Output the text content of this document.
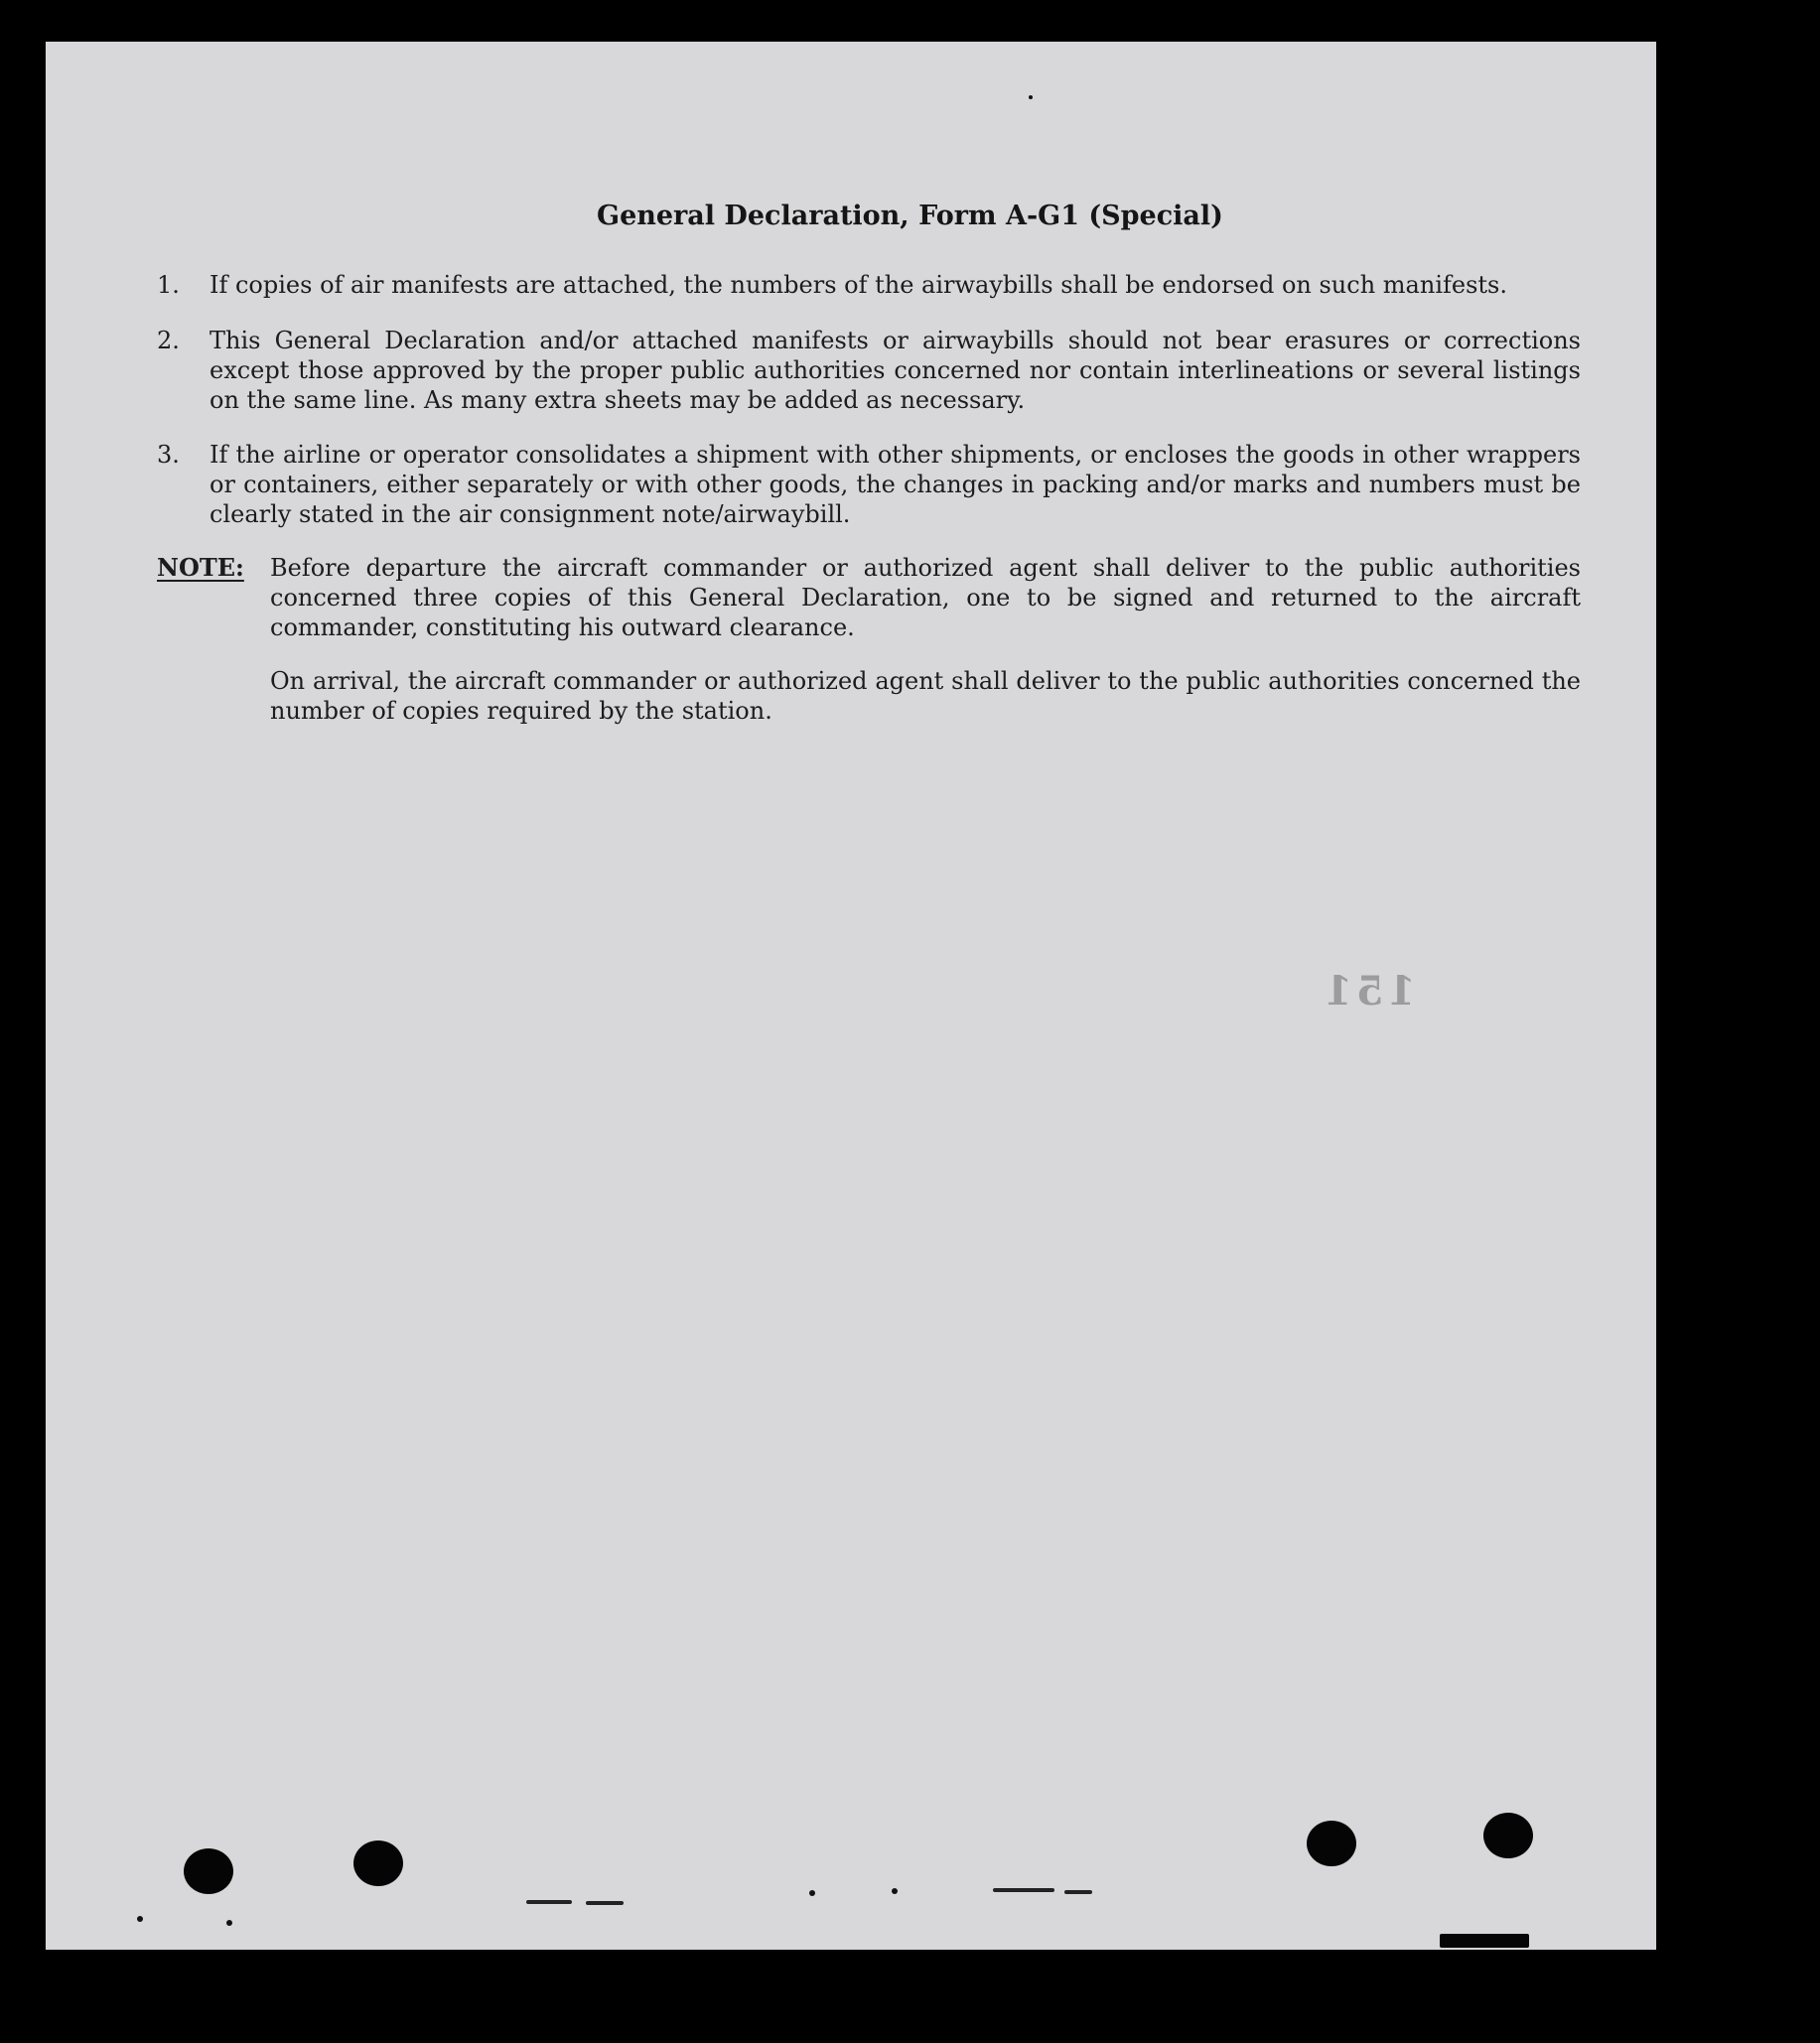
151
General Declaration, Form A-G1 (Special)
1.	If copies of air manifests are attached, the numbers of the airwaybills shall be endorsed on such manifests.
2.	This General Declaration and/or attached manifests or airwaybills should not bear erasures or corrections except those approved by the proper public authorities concerned nor contain interlineations or several listings on the same line. As many extra sheets may be added as necessary.
3.	If the airline or operator consolidates a shipment with other shipments, or encloses the goods in other wrappers or containers, either separately or with other goods, the changes in packing and/or marks and numbers must be clearly stated in the air consignment note/airwaybill.
NOTE: Before departure the aircraft commander or authorized agent shall deliver to the public authorities concerned three copies of this General Declaration, one to be signed and returned to the aircraft commander, constituting his outward clearance.
On arrival, the aircraft commander or authorized agent shall deliver to the public authorities concerned the number of copies required by the station.
